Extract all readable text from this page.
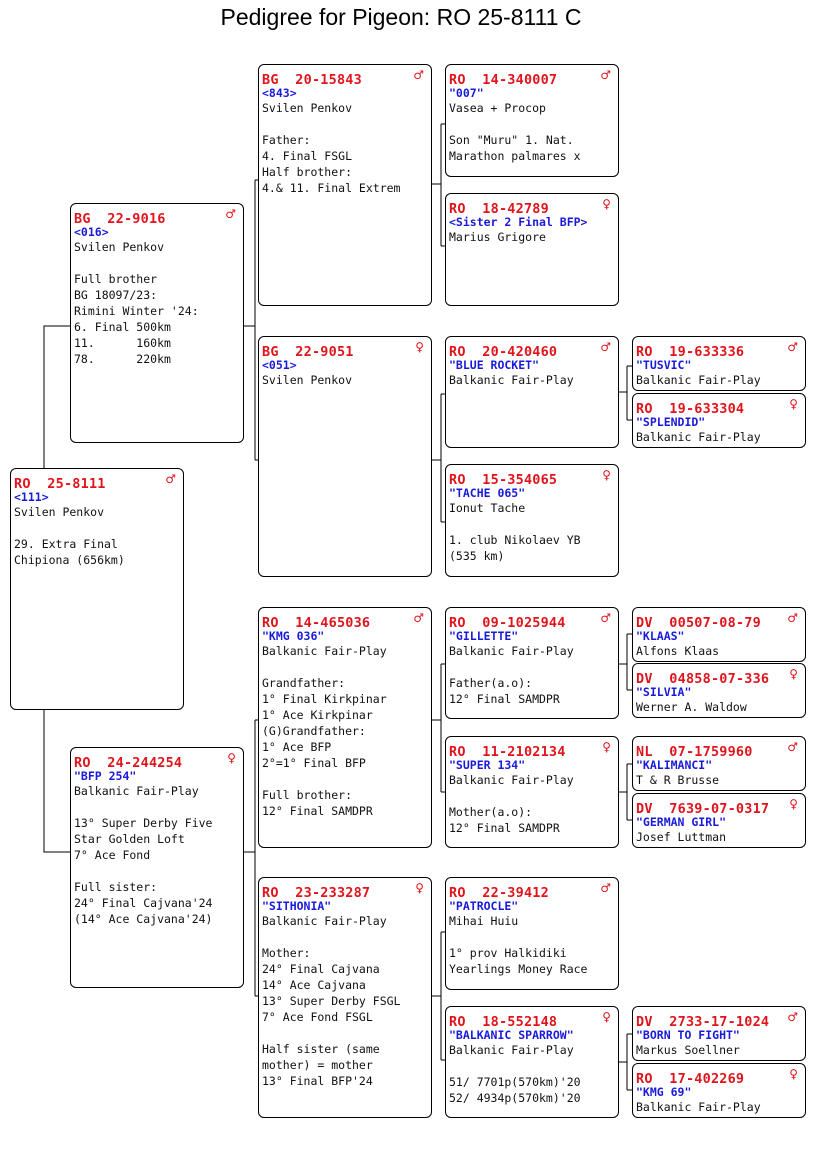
Pedigree for Pigeon: RO 25-8111 C
RO  25-8111	♂
<111>
Svilen Penkov
29. Extra Final
Chipiona (656km)
BG  22-9016	♂
<016>
Svilen Penkov
Full brother
BG 18097/23:
Rimini Winter '24:
6. Final 500km
11.      160km
78.      220km
RO  24-244254	♀
"BFP 254"
Balkanic Fair-Play
13° Super Derby Five
Star Golden Loft
7° Ace Fond
Full sister:
24° Final Cajvana'24
(14° Ace Cajvana'24)
BG  20-15843	♂
<843>
Svilen Penkov
Father:
4. Final FSGL
Half brother:
4.& 11. Final Extrem
BG  22-9051	♀
<051>
Svilen Penkov
RO  14-465036	♂
"KMG 036"
Balkanic Fair-Play
Grandfather:
1° Final Kirkpinar
1° Ace Kirkpinar
(G)Grandfather:
1° Ace BFP
2°=1° Final BFP
Full brother:
12° Final SAMDPR
RO  23-233287	♀
"SITHONIA"
Balkanic Fair-Play
Mother:
24° Final Cajvana
14° Ace Cajvana
13° Super Derby FSGL
7° Ace Fond FSGL
Half sister (same
mother) = mother
13° Final BFP'24
RO  14-340007	♂
"007"
Vasea + Procop
Son "Muru" 1. Nat.
Marathon palmares x
RO  18-42789	♀
<Sister 2 Final BFP>
Marius Grigore
RO  20-420460	♂
"BLUE ROCKET"
Balkanic Fair-Play
RO  15-354065	♀
"TACHE 065"
Ionut Tache
1. club Nikolaev YB
(535 km)
RO  09-1025944	♂
"GILLETTE"
Balkanic Fair-Play
Father(a.o):
12° Final SAMDPR
RO  11-2102134	♀
"SUPER 134"
Balkanic Fair-Play
Mother(a.o):
12° Final SAMDPR
RO  22-39412	♂
"PATROCLE"
Mihai Huiu
1° prov Halkidiki
Yearlings Money Race
RO  18-552148	♀
"BALKANIC SPARROW"
Balkanic Fair-Play
51/ 7701p(570km)'20
52/ 4934p(570km)'20
RO  19-633336	♂
"TUSVIC"
Balkanic Fair-Play
RO  19-633304	♀
"SPLENDID"
Balkanic Fair-Play
DV  00507-08-79 ♂
"KLAAS"
Alfons Klaas
DV  04858-07-336 ♀
"SILVIA"
Werner A. Waldow
NL  07-1759960	♂
"KALIMANCI"
T & R Brusse
DV  7639-07-0317 ♀
"GERMAN GIRL"
Josef Luttman
DV  2733-17-1024 ♂
"BORN TO FIGHT"
Markus Soellner
RO  17-402269	♀
"KMG 69"
Balkanic Fair-Play
